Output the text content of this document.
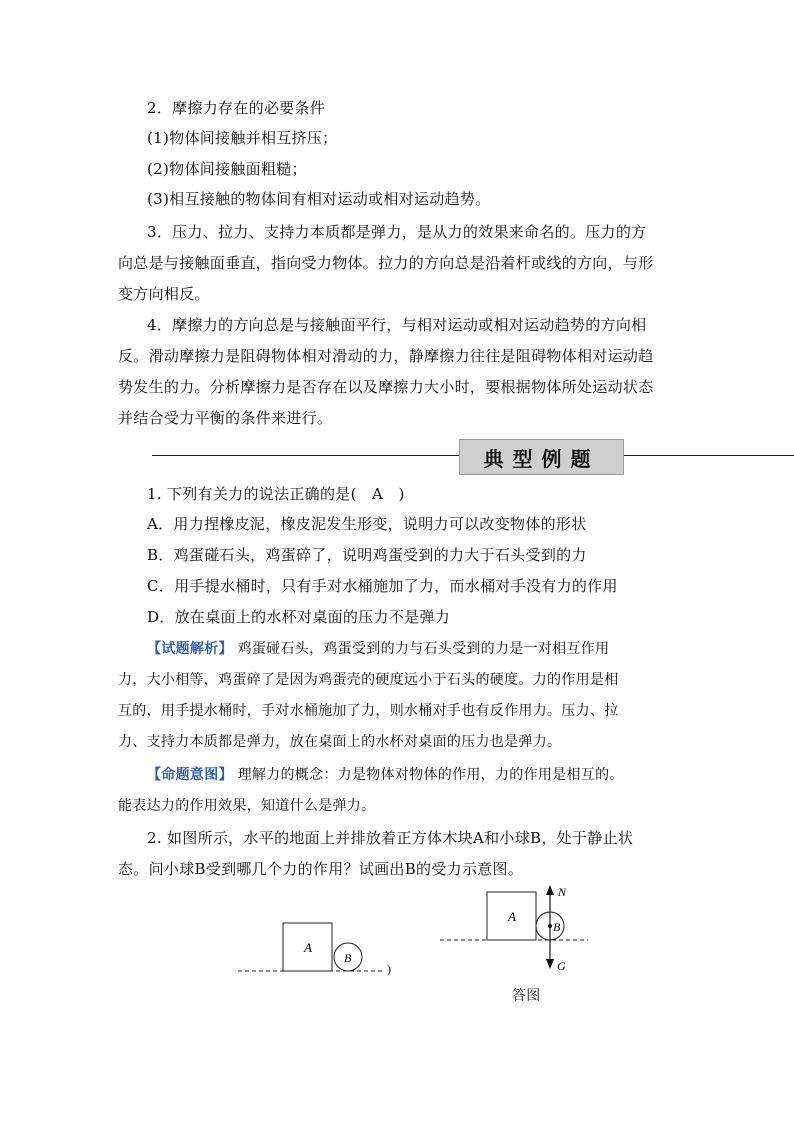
2．摩擦力存在的必要条件
(1)物体间接触并相互挤压；
(2)物体间接触面粗糙；
(3)相互接触的物体间有相对运动或相对运动趋势。
3．压力、拉力、支持力本质都是弹力，是从力的效果来命名的。压力的方
向总是与接触面垂直，指向受力物体。拉力的方向总是沿着杆或线的方向，与形
变方向相反。
4．摩擦力的方向总是与接触面平行，与相对运动或相对运动趋势的方向相
反。滑动摩擦力是阻碍物体相对滑动的力，静摩擦力往往是阻碍物体相对运动趋
势发生的力。分析摩擦力是否存在以及摩擦力大小时，要根据物体所处运动状态
并结合受力平衡的条件来进行。
典型例题
1. 下列有关力的说法正确的是(　A　)
A．用力捏橡皮泥，橡皮泥发生形变，说明力可以改变物体的形状
B．鸡蛋碰石头，鸡蛋碎了，说明鸡蛋受到的力大于石头受到的力
C．用手提水桶时，只有手对水桶施加了力，而水桶对手没有力的作用
D．放在桌面上的水杯对桌面的压力不是弹力
【试题解析】 鸡蛋碰石头，鸡蛋受到的力与石头受到的力是一对相互作用
力，大小相等，鸡蛋碎了是因为鸡蛋壳的硬度远小于石头的硬度。力的作用是相
互的，用手提水桶时，手对水桶施加了力，则水桶对手也有反作用力。压力、拉
力、支持力本质都是弹力，放在桌面上的水杯对桌面的压力也是弹力。
【命题意图】 理解力的概念：力是物体对物体的作用，力的作用是相互的。
能表达力的作用效果，知道什么是弹力。
2. 如图所示，水平的地面上并排放着正方体木块A和小球B，处于静止状
态。问小球B受到哪几个力的作用？试画出B的受力示意图。
A
B
)
A
B
N
G
答图
